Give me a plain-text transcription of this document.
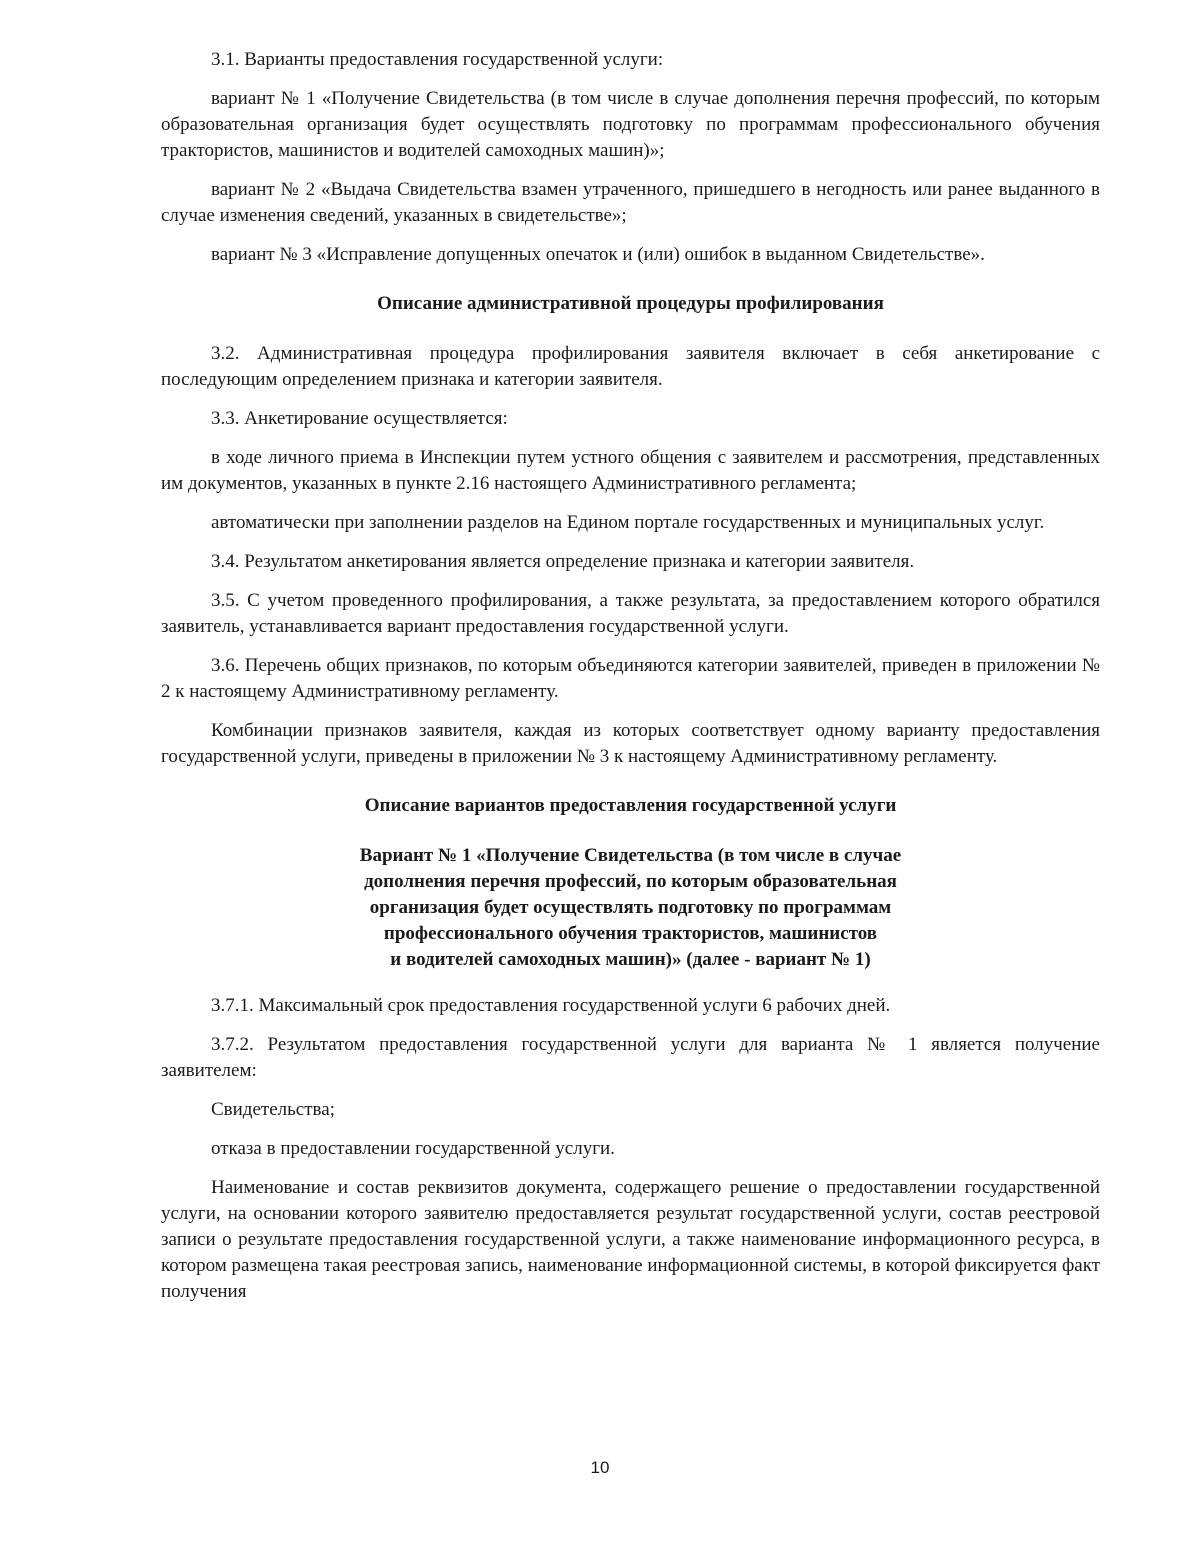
3.1. Варианты предоставления государственной услуги:

вариант № 1 «Получение Свидетельства (в том числе в случае дополнения перечня профессий, по которым образовательная организация будет осуществлять подготовку по программам профессионального обучения трактористов, машинистов и водителей самоходных машин)»;

вариант № 2 «Выдача Свидетельства взамен утраченного, пришедшего в негодность или ранее выданного в случае изменения сведений, указанных в свидетельстве»;

вариант № 3 «Исправление допущенных опечаток и (или) ошибок в выданном Свидетельстве».

Описание административной процедуры профилирования

3.2. Административная процедура профилирования заявителя включает в себя анкетирование с последующим определением признака и категории заявителя.

3.3. Анкетирование осуществляется:

в ходе личного приема в Инспекции путем устного общения с заявителем и рассмотрения, представленных им документов, указанных в пункте 2.16 настоящего Административного регламента;

автоматически при заполнении разделов на Едином портале государственных и муниципальных услуг.

3.4. Результатом анкетирования является определение признака и категории заявителя.

3.5. С учетом проведенного профилирования, а также результата, за предоставлением которого обратился заявитель, устанавливается вариант предоставления государственной услуги.

3.6. Перечень общих признаков, по которым объединяются категории заявителей, приведен в приложении № 2 к настоящему Административному регламенту.

Комбинации признаков заявителя, каждая из которых соответствует одному варианту предоставления государственной услуги, приведены в приложении № 3 к настоящему Административному регламенту.

Описание вариантов предоставления государственной услуги
Вариант № 1 «Получение Свидетельства (в том числе в случае
дополнения перечня профессий, по которым образовательная
организация будет осуществлять подготовку по программам
профессионального обучения трактористов, машинистов
и водителей самоходных машин)» (далее - вариант № 1)

3.7.1. Максимальный срок предоставления государственной услуги 6 рабочих дней.

3.7.2. Результатом предоставления государственной услуги для варианта № 1 является получение заявителем:

Свидетельства;

отказа в предоставлении государственной услуги.

Наименование и состав реквизитов документа, содержащего решение о предоставлении государственной услуги, на основании которого заявителю предоставляется результат государственной услуги, состав реестровой записи о результате предоставления государственной услуги, а также наименование информационного ресурса, в котором размещена такая реестровая запись, наименование информационной системы, в которой фиксируется факт получения

10
